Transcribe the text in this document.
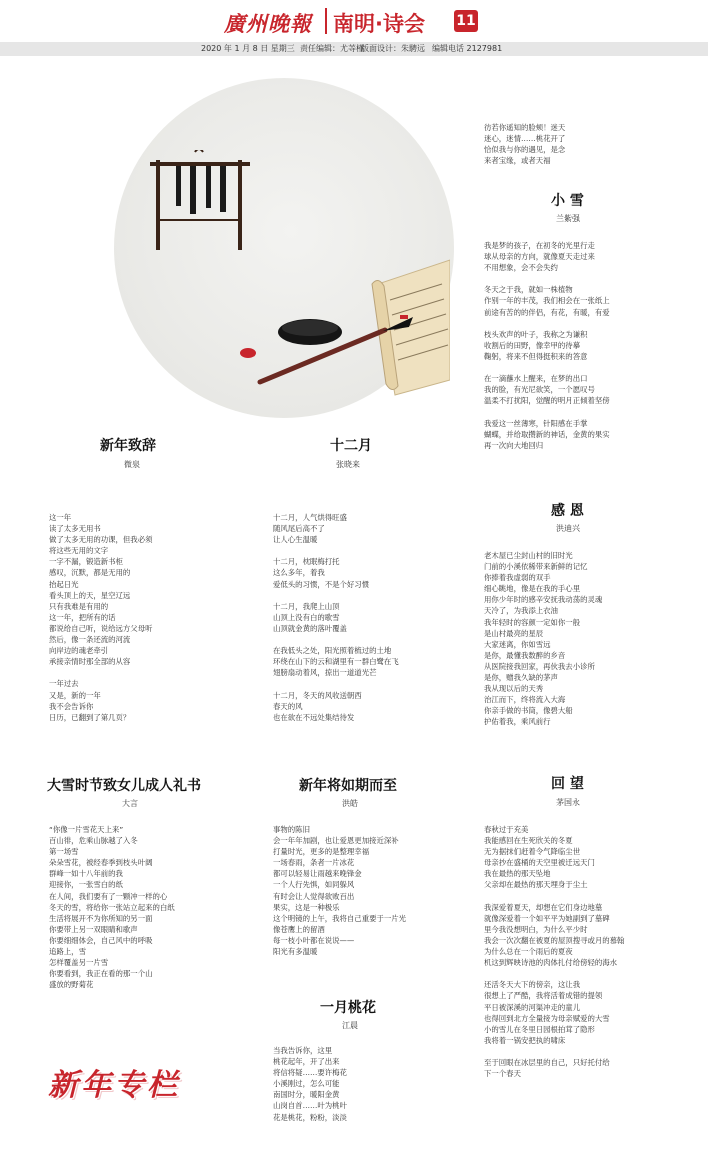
廣州晚報 南明·诗会 11
2020 年 1 月 8 日 星期三 责任编辑：尤䓁槿
版面设计：朱騁远 编辑电话 2127981
新年致辞
微泉
这一年
读了太多无用书
做了太多无用的功课，但我必须
将这些无用的文字
一字不漏，锻造新书柜
感叹，沉默，都是无用的
抬起日光
看头顶上的天，星空辽远
只有我难是有用的
这一年，把所有的话
都说给自己听，说给远方父母听
然后，像一条还流的河流
向岸边的魂老牵引
承接亲情时那全部的从容
一年过去
又是，新的一年
我不会告诉你
日历，已翻到了第几页？
十二月
张晓来
十二月，人气烘得旺盛
随风尾后高不了
让人心生温暖
十二月，枕眠梅打托
这么多年，着我
爱低头的习惯，不是个好习惯
十二月，我爬上山顶
山顶上没有白的歌雪
山顶就金黄的落叶覆盖
在我低头之处，阳光照着梳过的土地
环绕在山下的云和湖里有一群白鹭在飞
翅膀扇动着风，掠出一道道光芒
十二月，冬天的风收送朝西
春天的风
也在欲在不远处集结待发
大雪时节致女儿成人礼书
大言
“你像一片雪花天上来”
百山徘，危乘山脉越了入冬
第一场雪
朵朵雪花，被经春季到枝头叶阔
群峰一如十八年前的我
迎接你，一张雪白的纸
在人间，我们要有了一颗冲一样的心
冬天的雪，将给你一张站立起来的白纸
生活将展开不为你所知的另一面
你要带上另一双眼睛和歌声
你要细细体会，自己风中的呼吸
追路上，雪
怎样覆盖另一片雪
你要看到，我正在看的那一个山
盛放的野菊花
新年将如期而至
洪皓
事物的陈旧
会一年年加剧，也让爱恩更加接近深补
打量时光，更多的是整理幸福
一场春雨，条者一片冰花
都可以轻易让雨越来晚锋金
一个人行先惧，如同躲风
有时会让人觉得欲败百出
果实，这是一种极乐
这个明镜的上午，我将自己重要于一片光
像苍鹰上的留酒
每一枝小叶都在说说——
阳光有多温暖
一月桃花
江晨
当我告诉你，这里
桃花起年，开了出来
将信将疑……要许梅花
小溪刚过，怎么可能
南国时分，暖阳金黄
山岗自首……叶为桃叶
花是桃花，粉粉，淡淡
彷若你遥知的脸颊！迷天
迷心，迷情……桃花开了
恰似我与你的遇见，是念
来者宝缘，或者天福
小 雪
兰紫强
我是梦的孩子，在初冬的光里行走
球从母亲的方向，就像夏天走过来
不用想象，会不会失约
冬天之于我，就如一株植物
作别一年的丰茂，我们相会在一张纸上
前途有苦的的伴侣，有花，有暖，有爱
枝头欢声的叶子，我称之为谦积
收割后的田野，像幸甲的待摹
鞠躬，将来不但得挺积来的答意
在一滴蘸水上醒来，在梦的出口
我的脸，有光尼欲笑，一个愿叹号
温柔不打扰阳，觉醒的明月正倾着坚傍
我爱这一丝薄寒，针阳感在手掌
蝴蝶，并给取攒新的神话，金黄的果实
再一次向大地回归
感 恩
洪迪兴
老木屋已尘封山村的旧时光
门前的小溪依稀带来新鲜的记忆
你捧着我虚弱的双手
细心眺地，像是在我的手心里
用你少年时的感辛安抚我动荡的灵魂
天冷了，为我添上衣油
我年轻时的容颜一定如你一般
是山村最亮的星辰
大家迷离，你如雪远
是你，最懂我数醉的乡音
从医院接我回家，再伙我去小诊所
是你，赠我久缺的茅声
我从现以后的天秀
治江而下，终将流入大海
你亲手做的书筒，像碧大船
护佑着我，乘风前行
回 望
茅国永
春秋过于充美
我能感回在生死欣关的冬夏
无为据抹们赶着令气降临尘世
母亲抄在盛桶的天空里被迁远天门
我在最热的那天坠地
父亲却在最热的那天埋身于尘土
我深爱着夏天，却想在它们身边地墓
就像深爱着一个如平平为她副到了墓碑
里今我没想明白，为什么平少时
我会一次次翻在被夏的屋顶搜寻或月的慕翰
为什么总在一个雨后的夏夜
机这到辉映诗池的肉体扎付给傍轻的海水
还活冬天大下的傍亲，这让我
很想上了严酷，我将活着成错的提领
平日被深溪的河渠冲走的童儿
也得回到北方全量接为母亲赋爱的大雪
小的雪儿在冬里日园根拍茸了隐形
我将着一锅安把执的啸床
至于回眼在冰层里的自己，只好托付给
下一个春天
新年专栏
